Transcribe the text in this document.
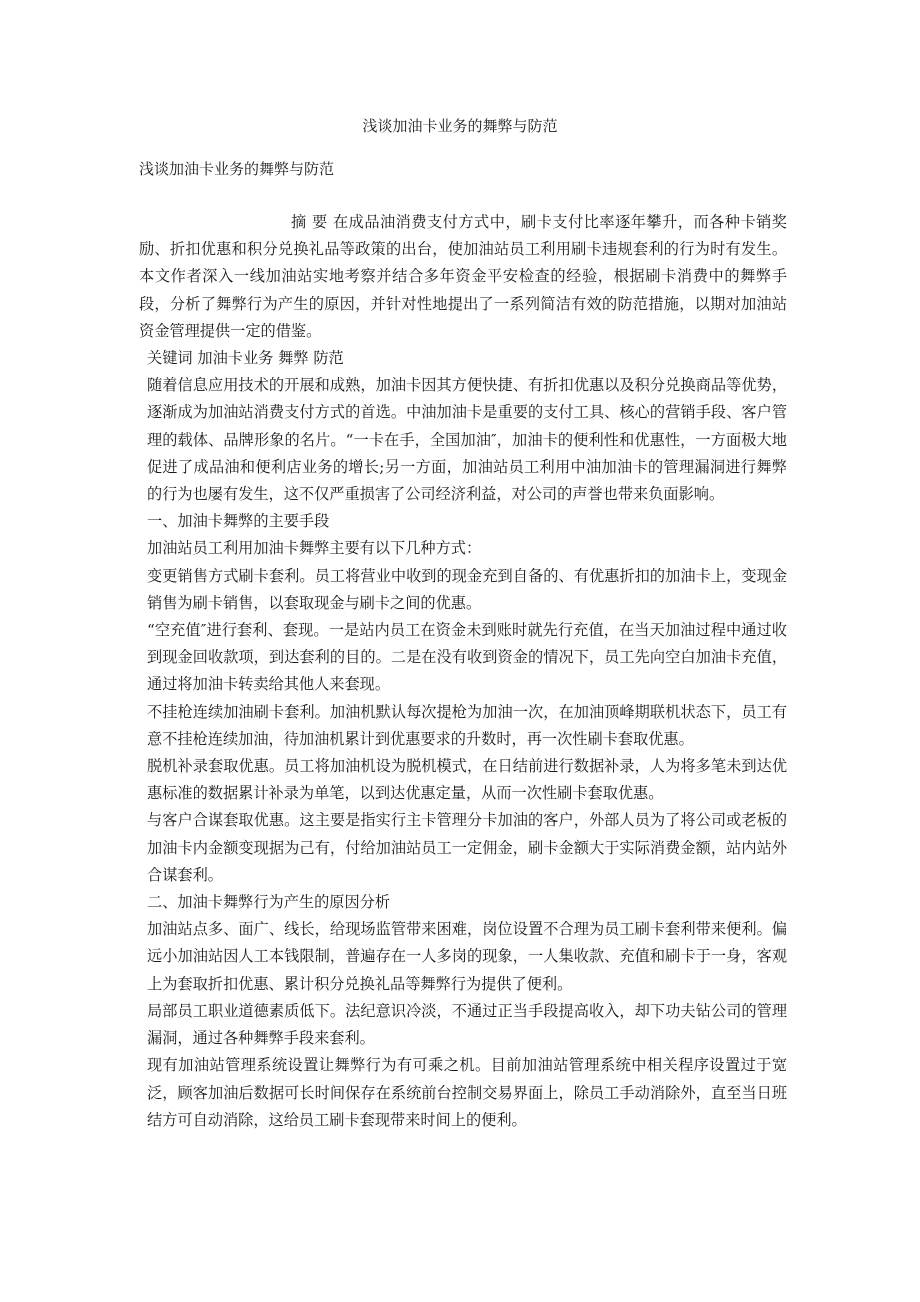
浅谈加油卡业务的舞弊与防范

浅谈加油卡业务的舞弊与防范

摘 要 在成品油消费支付方式中，刷卡支付比率逐年攀升，而各种卡销奖励、折扣优惠和积分兑换礼品等政策的出台，使加油站员工利用刷卡违规套利的行为时有发生。本文作者深入一线加油站实地考察并结合多年资金平安检查的经验，根据刷卡消费中的舞弊手段，分析了舞弊行为产生的原因，并针对性地提出了一系列简洁有效的防范措施，以期对加油站资金管理提供一定的借鉴。

关键词 加油卡业务 舞弊 防范

随着信息应用技术的开展和成熟，加油卡因其方便快捷、有折扣优惠以及积分兑换商品等优势，逐渐成为加油站消费支付方式的首选。中油加油卡是重要的支付工具、核心的营销手段、客户管理的载体、品牌形象的名片。“一卡在手，全国加油″，加油卡的便利性和优惠性，一方面极大地促进了成品油和便利店业务的增长;另一方面，加油站员工利用中油加油卡的管理漏洞进行舞弊的行为也屡有发生，这不仅严重损害了公司经济利益，对公司的声誉也带来负面影响。

一、加油卡舞弊的主要手段

加油站员工利用加油卡舞弊主要有以下几种方式：

变更销售方式刷卡套利。员工将营业中收到的现金充到自备的、有优惠折扣的加油卡上，变现金销售为刷卡销售，以套取现金与刷卡之间的优惠。

“空充值″进行套利、套现。一是站内员工在资金未到账时就先行充值，在当天加油过程中通过收到现金回收款项，到达套利的目的。二是在没有收到资金的情况下，员工先向空白加油卡充值，通过将加油卡转卖给其他人来套现。

不挂枪连续加油刷卡套利。加油机默认每次提枪为加油一次，在加油顶峰期联机状态下，员工有意不挂枪连续加油，待加油机累计到优惠要求的升数时，再一次性刷卡套取优惠。

脱机补录套取优惠。员工将加油机设为脱机模式，在日结前进行数据补录，人为将多笔未到达优惠标准的数据累计补录为单笔，以到达优惠定量，从而一次性刷卡套取优惠。

与客户合谋套取优惠。这主要是指实行主卡管理分卡加油的客户，外部人员为了将公司或老板的加油卡内金额变现据为己有，付给加油站员工一定佣金，刷卡金额大于实际消费金额，站内站外合谋套利。

二、加油卡舞弊行为产生的原因分析

加油站点多、面广、线长，给现场监管带来困难，岗位设置不合理为员工刷卡套利带来便利。偏远小加油站因人工本钱限制，普遍存在一人多岗的现象，一人集收款、充值和刷卡于一身，客观上为套取折扣优惠、累计积分兑换礼品等舞弊行为提供了便利。

局部员工职业道德素质低下。法纪意识冷淡，不通过正当手段提高收入，却下功夫钻公司的管理漏洞，通过各种舞弊手段来套利。

现有加油站管理系统设置让舞弊行为有可乘之机。目前加油站管理系统中相关程序设置过于宽泛，顾客加油后数据可长时间保存在系统前台控制交易界面上，除员工手动消除外，直至当日班结方可自动消除，这给员工刷卡套现带来时间上的便利。
